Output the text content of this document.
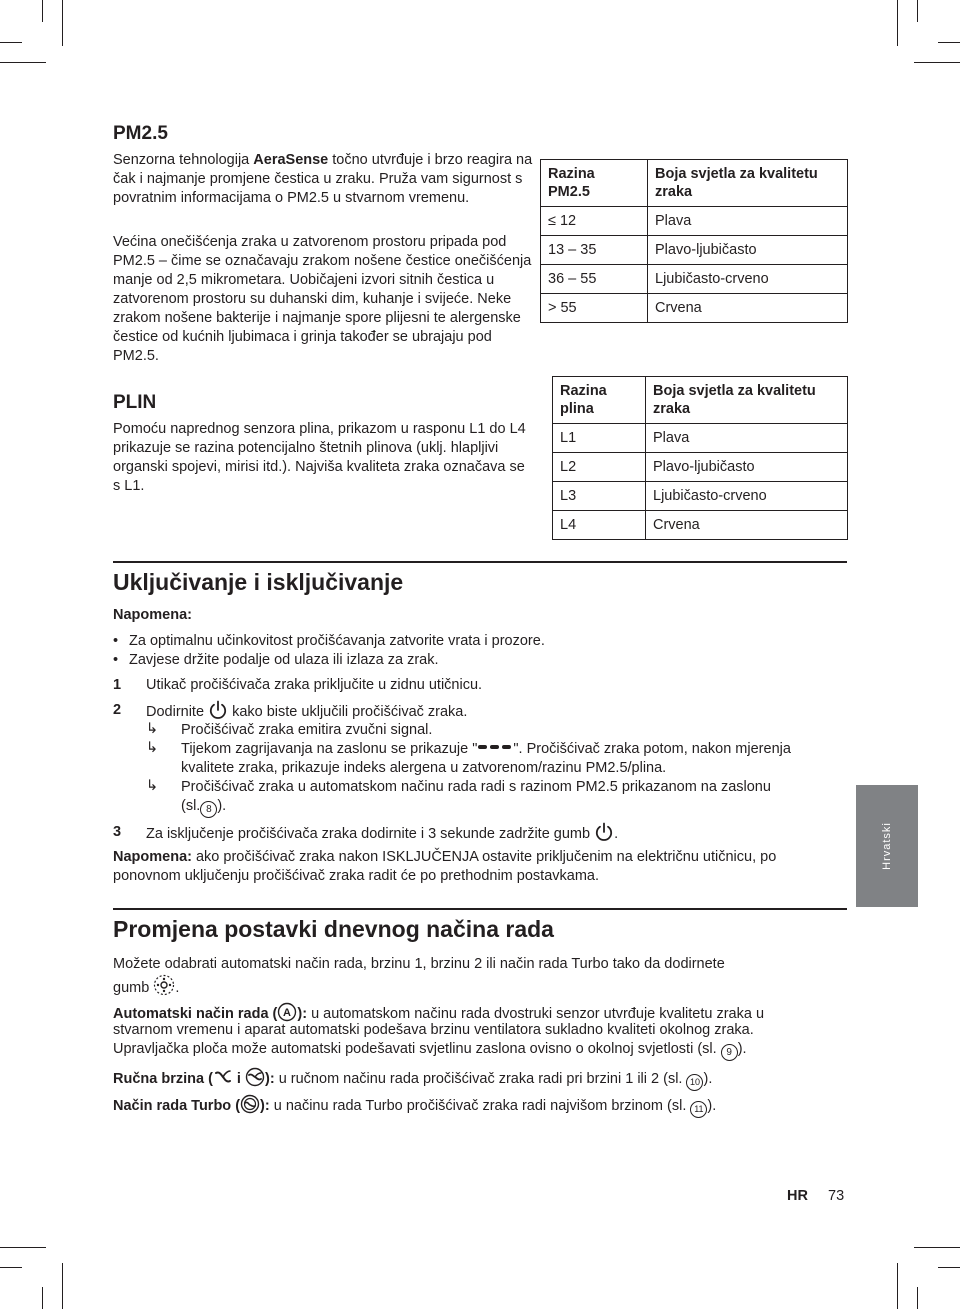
PM2.5

Senzorna tehnologija AeraSense točno utvrđuje i brzo reagira na čak i najmanje promjene čestica u zraku. Pruža vam sigurnost s povratnim informacijama o PM2.5 u stvarnom vremenu.

Većina onečišćenja zraka u zatvorenom prostoru pripada pod PM2.5 – čime se označavaju zrakom nošene čestice onečišćenja manje od 2,5 mikrometara. Uobičajeni izvori sitnih čestica u zatvorenom prostoru su duhanski dim, kuhanje i svijeće. Neke zrakom nošene bakterije i najmanje spore plijesni te alergenske čestice od kućnih ljubimaca i grinja također se ubrajaju pod PM2.5.

Razina PM2.5	Boja svjetla za kvalitetu zraka
≤ 12	Plava
13 – 35	Plavo-ljubičasto
36 – 55	Ljubičasto-crveno
> 55	Crvena
PLIN

Pomoću naprednog senzora plina, prikazom u rasponu L1 do L4 prikazuje se razina potencijalno štetnih plinova (uklj. hlapljivi organski spojevi, mirisi itd.). Najviša kvaliteta zraka označava se s L1.

Razina plina	Boja svjetla za kvalitetu zraka
L1	Plava
L2	Plavo-ljubičasto
L3	Ljubičasto-crveno
L4	Crvena
Uključivanje i isključivanje
Napomena:
• Za optimalnu učinkovitost pročišćavanja zatvorite vrata i prozore.
• Zavjese držite podalje od ulaza ili izlaza za zrak.
1 Utikač pročišćivača zraka priključite u zidnu utičnicu.
2 Dodirnite  kako biste uključili pročišćivač zraka.
↳ Pročišćivač zraka emitira zvučni signal.
↳ Tijekom zagrijavanja na zaslonu se prikazuje " ". Pročišćivač zraka potom, nakon mjerenja
kvalitete zraka, prikazuje indeks alergena u zatvorenom/razinu PM2.5/plina.
↳ Pročišćivač zraka u automatskom načinu rada radi s razinom PM2.5 prikazanom na zaslonu
(sl. 8 ).
3 Za isključenje pročišćivača zraka dodirnite i 3 sekunde zadržite gumb .
Napomena: ako pročišćivač zraka nakon ISKLJUČENJA ostavite priključenim na električnu utičnicu, po
ponovnom uključenju pročišćivač zraka radit će po prethodnim postavkama.
Promjena postavki dnevnog načina rada
Možete odabrati automatski način rada, brzinu 1, brzinu 2 ili način rada Turbo tako da dodirnete
gumb .
Automatski način rada ( A ): u automatskom načinu rada dvostruki senzor utvrđuje kvalitetu zraka u
stvarnom vremenu i aparat automatski podešava brzinu ventilatora sukladno kvaliteti okolnog zraka.
Upravljačka ploča može automatski podešavati svjetlinu zaslona ovisno o okolnoj svjetlosti (sl. 9 ).
Ručna brzina ( i ): u ručnom načinu rada pročišćivač zraka radi pri brzini 1 ili 2 (sl. 10 ).
Način rada Turbo ( ): u načinu rada Turbo pročišćivač zraka radi najvišom brzinom (sl. 11 ).
Hrvatski
HR 73
